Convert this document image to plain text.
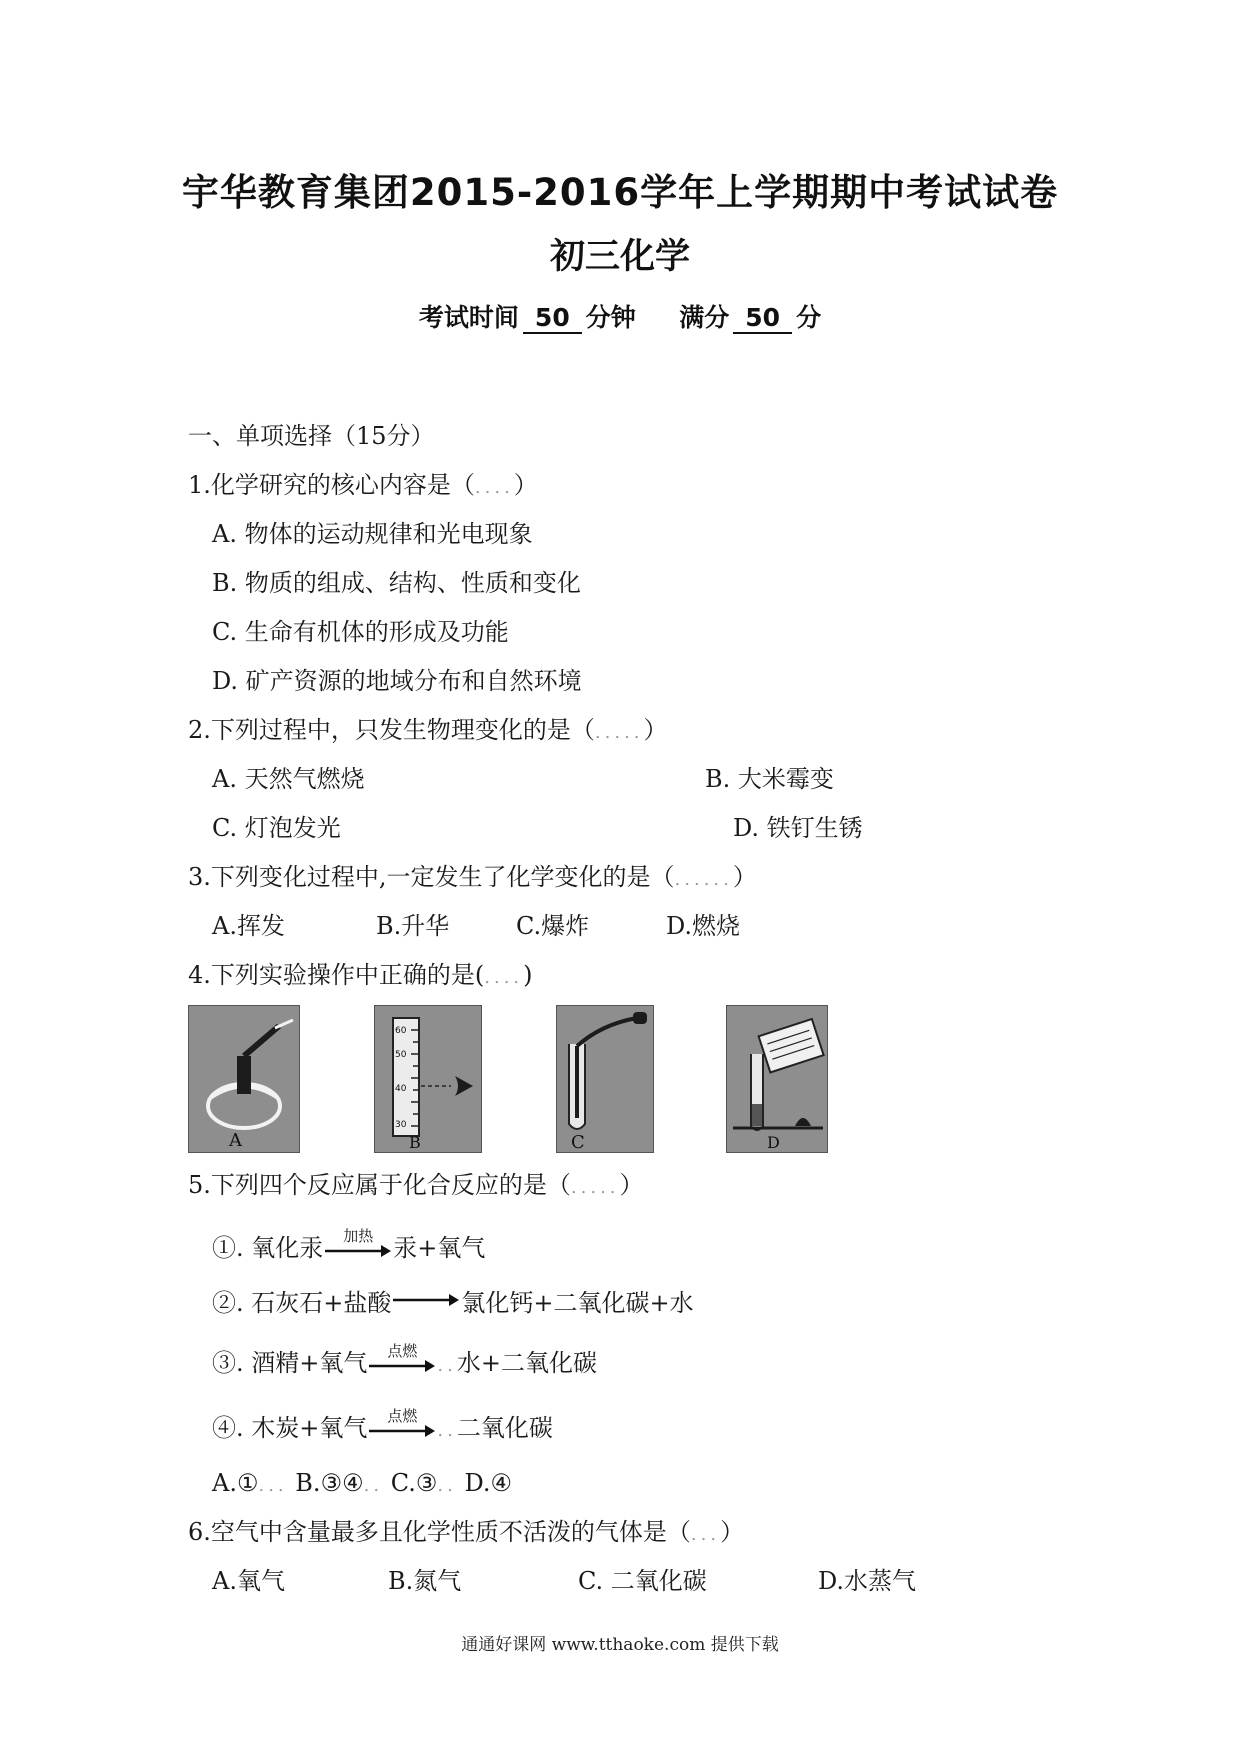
宇华教育集团2015-2016学年上学期期中考试试卷
初三化学
考试时间 50 分钟 满分 50 分
一、单项选择（15分）
1.化学研究的核心内容是（....）
A. 物体的运动规律和光电现象
B. 物质的组成、结构、性质和变化
C. 生命有机体的形成及功能
D. 矿产资源的地域分布和自然环境
2.下列过程中，只发生物理变化的是（.....）
A. 天然气燃烧	B. 大米霉变
C. 灯泡发光	D. 铁钉生锈
3.下列变化过程中,一定发生了化学变化的是（......）
A.挥发	B.升华	C.爆炸	D.燃烧
4.下列实验操作中正确的是(....)
A
60
50
40
30
B	C	D
5.下列四个反应属于化合反应的是（.....）
①. 氧化汞	加热 汞+氧气
②. 石灰石+盐酸→氯化钙+二氧化碳+水
③. 酒精+氧气	点燃
..水+二氧化碳
④. 木炭+氧气	点燃
..二氧化碳
A.①... B.③④.. C.③.. D.④
6.空气中含量最多且化学性质不活泼的气体是（...）
A.氧气	B.氮气	C. 二氧化碳	D.水蒸气
通通好课网 www.tthaoke.com 提供下载
